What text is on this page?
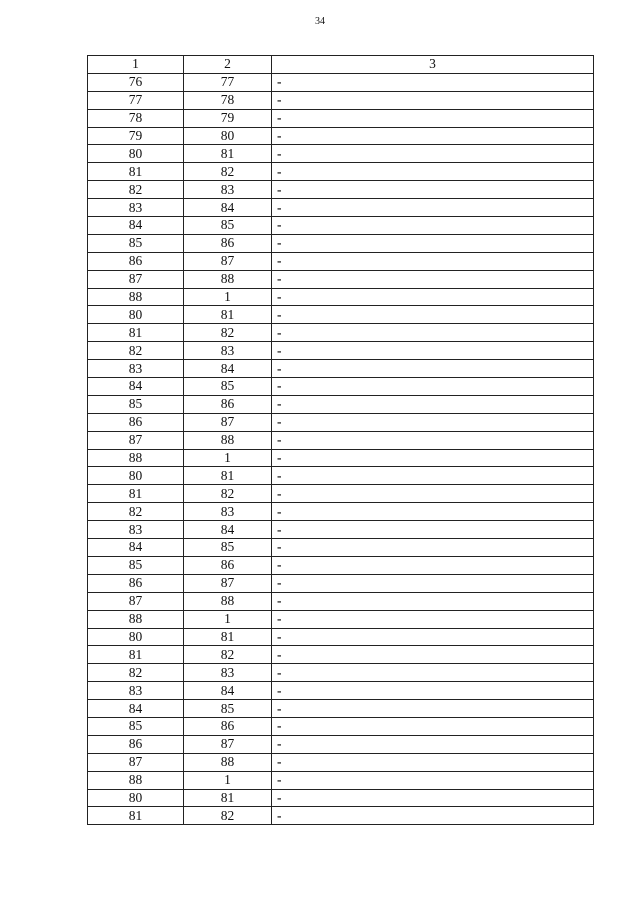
34
1	2	3
76	77	-
77	78	-
78	79	-
79	80	-
80	81	-
81	82	-
82	83	-
83	84	-
84	85	-
85	86	-
86	87	-
87	88	-
88	1	-
80	81	-
81	82	-
82	83	-
83	84	-
84	85	-
85	86	-
86	87	-
87	88	-
88	1	-
80	81	-
81	82	-
82	83	-
83	84	-
84	85	-
85	86	-
86	87	-
87	88	-
88	1	-
80	81	-
81	82	-
82	83	-
83	84	-
84	85	-
85	86	-
86	87	-
87	88	-
88	1	-
80	81	-
81	82	-
